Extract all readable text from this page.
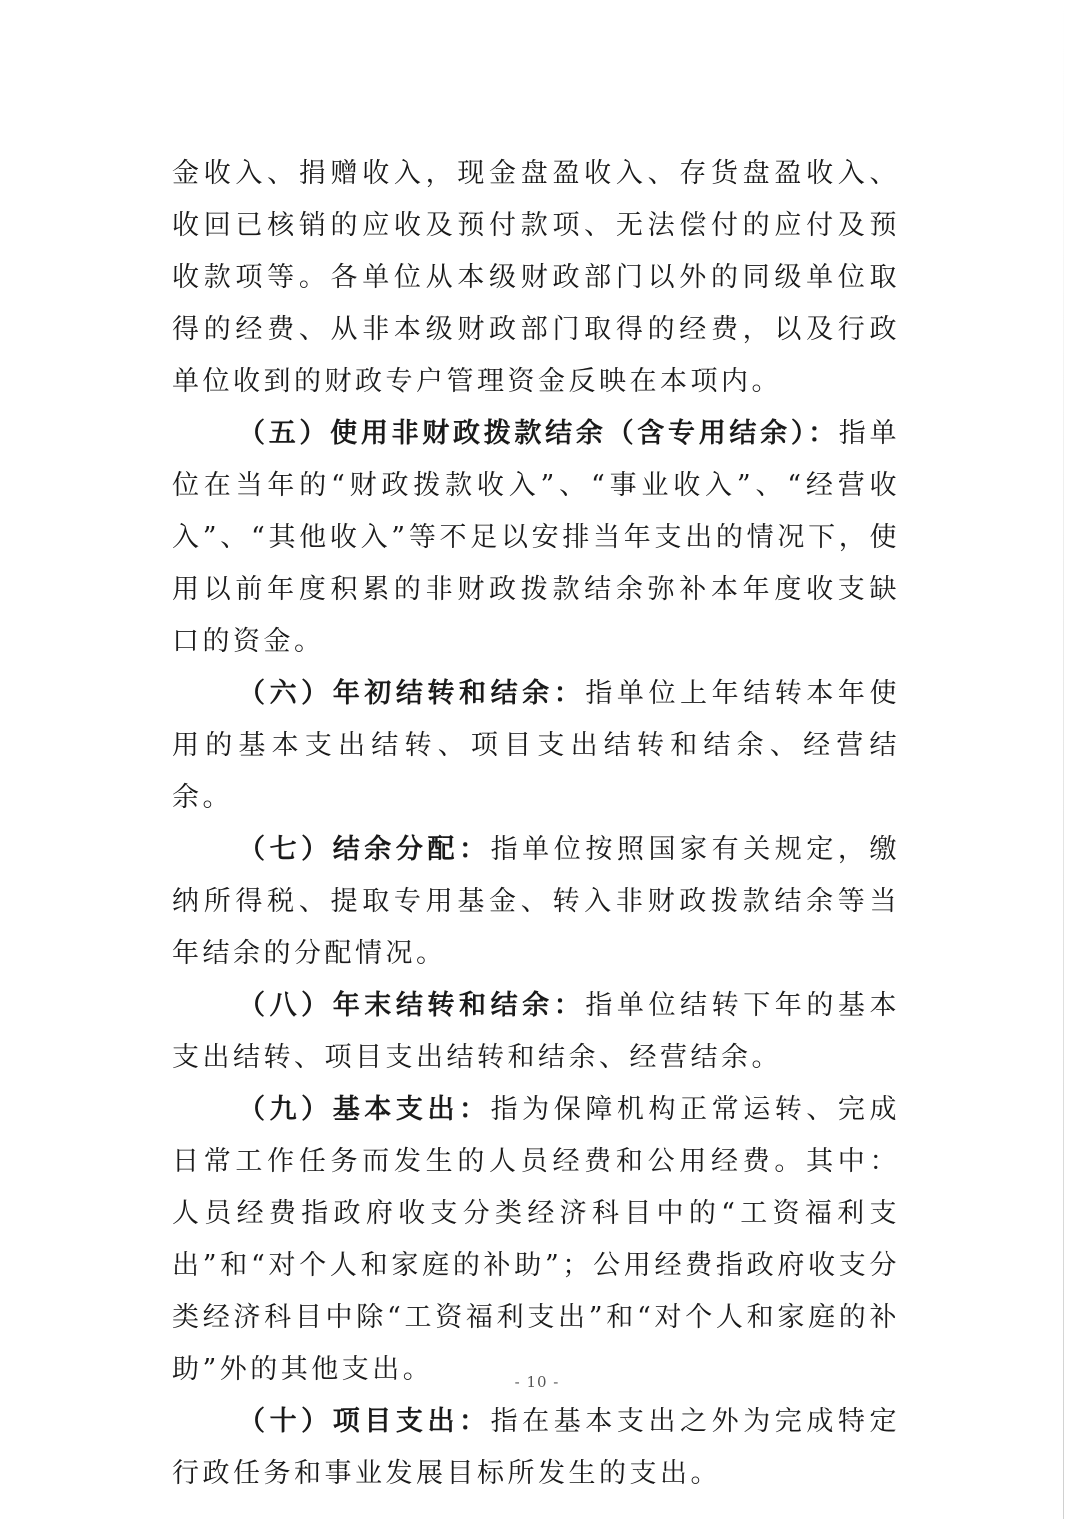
金收入、捐赠收入，现金盘盈收入、存货盘盈收入、收回已核销的应收及预付款项、无法偿付的应付及预收款项等。各单位从本级财政部门以外的同级单位取得的经费、从非本级财政部门取得的经费，以及行政单位收到的财政专户管理资金反映在本项内。

（五）使用非财政拨款结余（含专用结余）：指单位在当年的“财政拨款收入”、“事业收入”、“经营收入”、“其他收入”等不足以安排当年支出的情况下，使用以前年度积累的非财政拨款结余弥补本年度收支缺口的资金。

（六）年初结转和结余：指单位上年结转本年使用的基本支出结转、项目支出结转和结余、经营结余。

（七）结余分配：指单位按照国家有关规定，缴纳所得税、提取专用基金、转入非财政拨款结余等当年结余的分配情况。

（八）年末结转和结余：指单位结转下年的基本支出结转、项目支出结转和结余、经营结余。

（九）基本支出：指为保障机构正常运转、完成日常工作任务而发生的人员经费和公用经费。其中：人员经费指政府收支分类经济科目中的“工资福利支出”和“对个人和家庭的补助”；公用经费指政府收支分类经济科目中除“工资福利支出”和“对个人和家庭的补助”外的其他支出。

（十）项目支出：指在基本支出之外为完成特定行政任务和事业发展目标所发生的支出。

- 10 -
